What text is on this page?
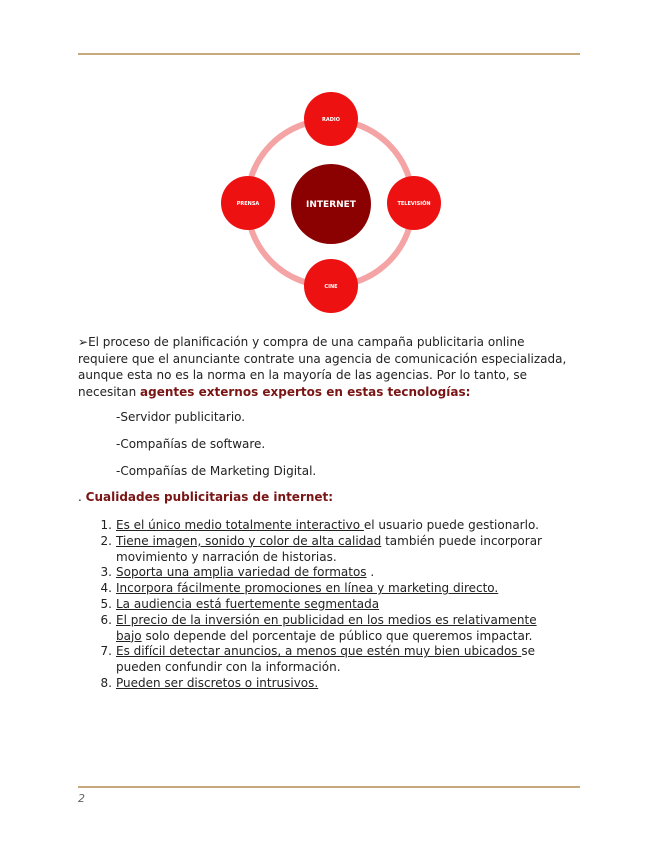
INTERNET
RADIO
PRENSA	TELEVISIÓN
CINE
➢El proceso de planificación y compra de una campaña publicitaria online requiere que el anunciante contrate una agencia de comunicación especializada, aunque esta no es la norma en la mayoría de las agencias. Por lo tanto, se necesitan agentes externos expertos en estas tecnologías:
-Servidor publicitario.
-Compañías de software.
-Compañías de Marketing Digital.
. Cualidades publicitarias de internet:
1. Es el único medio totalmente interactivo el usuario puede gestionarlo.
2. Tiene imagen, sonido y color de alta calidad también puede incorporar movimiento y narración de historias.
3. Soporta una amplia variedad de formatos .
4. Incorpora fácilmente promociones en línea y marketing directo.
5. La audiencia está fuertemente segmentada
6. El precio de la inversión en publicidad en los medios es relativamente bajo solo depende del porcentaje de público que queremos impactar.
7. Es difícil detectar anuncios, a menos que estén muy bien ubicados se pueden confundir con la información.
8. Pueden ser discretos o intrusivos.
2
